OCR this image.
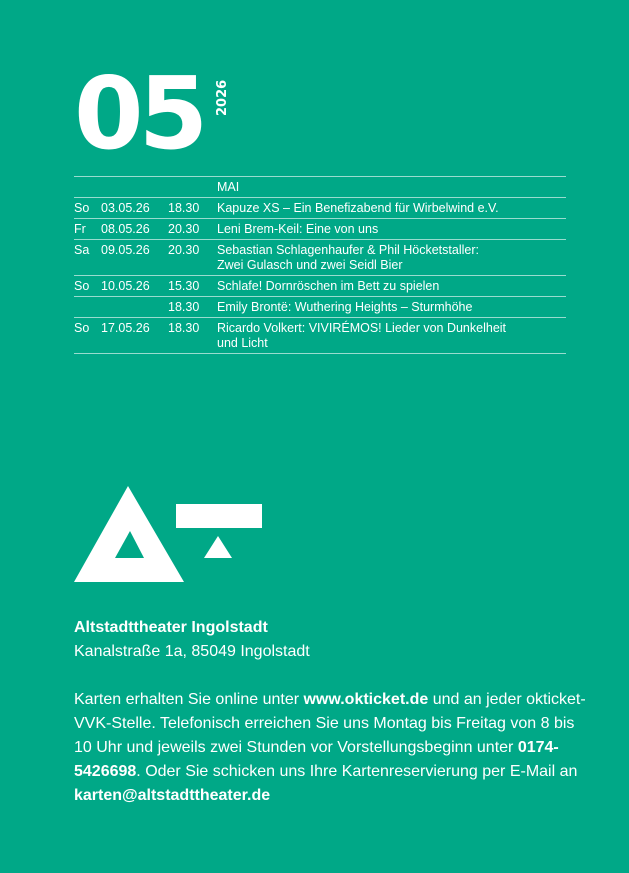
05 2026
MAI
So 03.05.26 18.30 Kapuze XS – Ein Benefizabend für Wirbelwind e.V.
Fr 08.05.26 20.30 Leni Brem-Keil: Eine von uns
Sa 09.05.26 20.30 Sebastian Schlagenhaufer & Phil Höcketstaller:
Zwei Gulasch und zwei Seidl Bier
So 10.05.26 15.30 Schlafe! Dornröschen im Bett zu spielen
18.30 Emily Brontë: Wuthering Heights – Sturmhöhe
So 17.05.26 18.30 Ricardo Volkert: VIVIRÉMOS! Lieder von Dunkelheit
und Licht
Altstadttheater Ingolstadt
Kanalstraße 1a, 85049 Ingolstadt
Karten erhalten Sie online unter www.okticket.de und an jeder okticket-VVK-Stelle. Telefonisch erreichen Sie uns Montag bis Freitag von 8 bis 10 Uhr und jeweils zwei Stunden vor Vorstellungsbeginn unter 0174-5426698. Oder Sie schicken uns Ihre Kartenreservierung per E-Mail an karten@altstadttheater.de
